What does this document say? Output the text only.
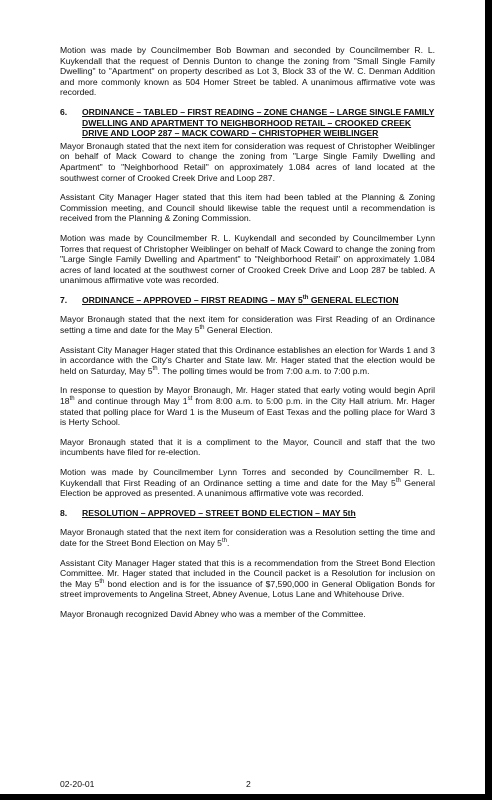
Motion was made by Councilmember Bob Bowman and seconded by Councilmember R. L. Kuykendall that the request of Dennis Dunton to change the zoning from "Small Single Family Dwelling" to "Apartment" on property described as Lot 3, Block 33 of the W. C. Denman Addition and more commonly known as 504 Homer Street be tabled. A unanimous affirmative vote was recorded.

6.	ORDINANCE – TABLED – FIRST READING – ZONE CHANGE – LARGE SINGLE FAMILY DWELLING AND APARTMENT TO NEIGHBORHOOD RETAIL – CROOKED CREEK DRIVE AND LOOP 287 – MACK COWARD – CHRISTOPHER WEIBLINGER

Mayor Bronaugh stated that the next item for consideration was request of Christopher Weiblinger on behalf of Mack Coward to change the zoning from "Large Single Family Dwelling and Apartment" to "Neighborhood Retail" on approximately 1.084 acres of land located at the southwest corner of Crooked Creek Drive and Loop 287.

Assistant City Manager Hager stated that this item had been tabled at the Planning & Zoning Commission meeting, and Council should likewise table the request until a recommendation is received from the Planning & Zoning Commission.

Motion was made by Councilmember R. L. Kuykendall and seconded by Councilmember Lynn Torres that request of Christopher Weiblinger on behalf of Mack Coward to change the zoning from "Large Single Family Dwelling and Apartment" to "Neighborhood Retail" on approximately 1.084 acres of land located at the southwest corner of Crooked Creek Drive and Loop 287 be tabled. A unanimous affirmative vote was recorded.

7.	ORDINANCE – APPROVED – FIRST READING – MAY 5th GENERAL ELECTION

Mayor Bronaugh stated that the next item for consideration was First Reading of an Ordinance setting a time and date for the May 5th General Election.

Assistant City Manager Hager stated that this Ordinance establishes an election for Wards 1 and 3 in accordance with the City's Charter and State law. Mr. Hager stated that the election would be held on Saturday, May 5th. The polling times would be from 7:00 a.m. to 7:00 p.m.

In response to question by Mayor Bronaugh, Mr. Hager stated that early voting would begin April 18th and continue through May 1st from 8:00 a.m. to 5:00 p.m. in the City Hall atrium. Mr. Hager stated that polling place for Ward 1 is the Museum of East Texas and the polling place for Ward 3 is Herty School.

Mayor Bronaugh stated that it is a compliment to the Mayor, Council and staff that the two incumbents have filed for re-election.

Motion was made by Councilmember Lynn Torres and seconded by Councilmember R. L. Kuykendall that First Reading of an Ordinance setting a time and date for the May 5th General Election be approved as presented. A unanimous affirmative vote was recorded.

8.	RESOLUTION – APPROVED – STREET BOND ELECTION – MAY 5th

Mayor Bronaugh stated that the next item for consideration was a Resolution setting the time and date for the Street Bond Election on May 5th.

Assistant City Manager Hager stated that this is a recommendation from the Street Bond Election Committee. Mr. Hager stated that included in the Council packet is a Resolution for inclusion on the May 5th bond election and is for the issuance of $7,590,000 in General Obligation Bonds for street improvements to Angelina Street, Abney Avenue, Lotus Lane and Whitehouse Drive.

Mayor Bronaugh recognized David Abney who was a member of the Committee.

02-20-01	2
